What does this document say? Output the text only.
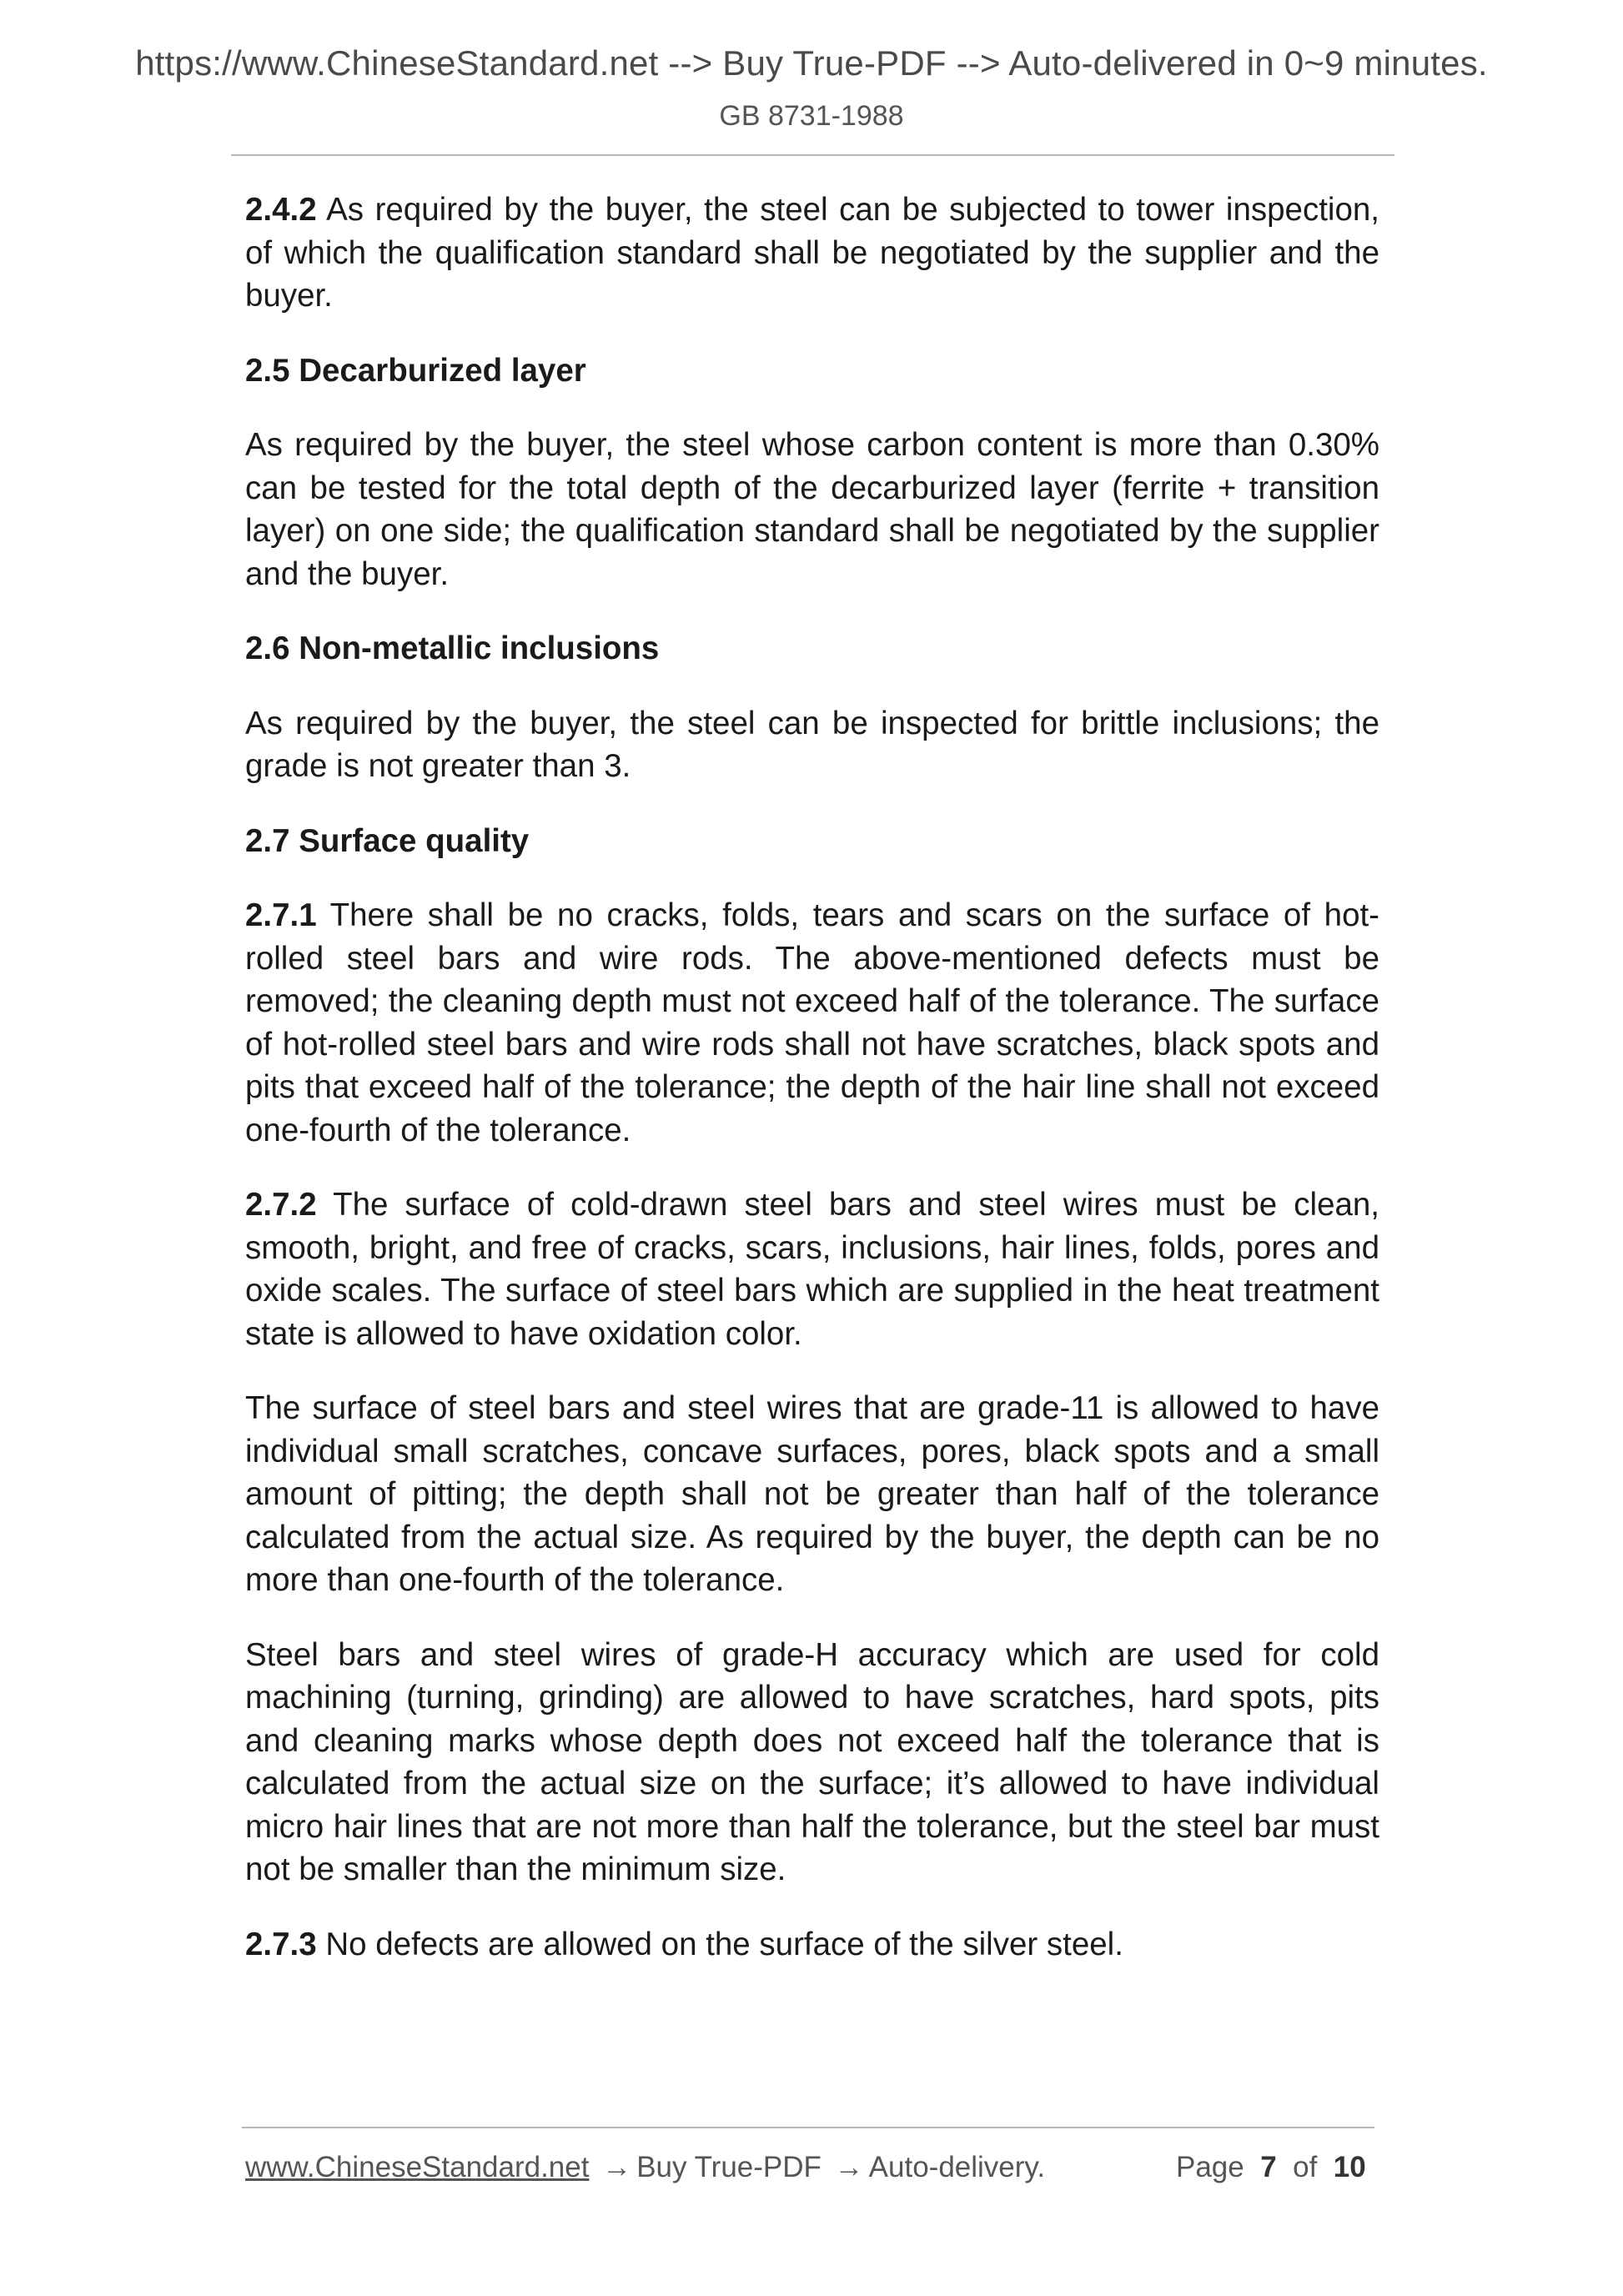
https://www.ChineseStandard.net --> Buy True-PDF --> Auto-delivered in 0~9 minutes.
GB 8731-1988

2.4.2 As required by the buyer, the steel can be subjected to tower inspection, of which the qualification standard shall be negotiated by the supplier and the buyer.

2.5 Decarburized layer

As required by the buyer, the steel whose carbon content is more than 0.30% can be tested for the total depth of the decarburized layer (ferrite + transition layer) on one side; the qualification standard shall be negotiated by the supplier and the buyer.

2.6 Non-metallic inclusions

As required by the buyer, the steel can be inspected for brittle inclusions; the grade is not greater than 3.

2.7 Surface quality

2.7.1 There shall be no cracks, folds, tears and scars on the surface of hot-rolled steel bars and wire rods. The above-mentioned defects must be removed; the cleaning depth must not exceed half of the tolerance. The surface of hot-rolled steel bars and wire rods shall not have scratches, black spots and pits that exceed half of the tolerance; the depth of the hair line shall not exceed one-fourth of the tolerance.

2.7.2 The surface of cold-drawn steel bars and steel wires must be clean, smooth, bright, and free of cracks, scars, inclusions, hair lines, folds, pores and oxide scales. The surface of steel bars which are supplied in the heat treatment state is allowed to have oxidation color.

The surface of steel bars and steel wires that are grade-11 is allowed to have individual small scratches, concave surfaces, pores, black spots and a small amount of pitting; the depth shall not be greater than half of the tolerance calculated from the actual size. As required by the buyer, the depth can be no more than one-fourth of the tolerance.

Steel bars and steel wires of grade-H accuracy which are used for cold machining (turning, grinding) are allowed to have scratches, hard spots, pits and cleaning marks whose depth does not exceed half the tolerance that is calculated from the actual size on the surface; it’s allowed to have individual micro hair lines that are not more than half the tolerance, but the steel bar must not be smaller than the minimum size.

2.7.3 No defects are allowed on the surface of the silver steel.

www.ChineseStandard.net → Buy True-PDF → Auto-delivery.	Page 7 of 10
